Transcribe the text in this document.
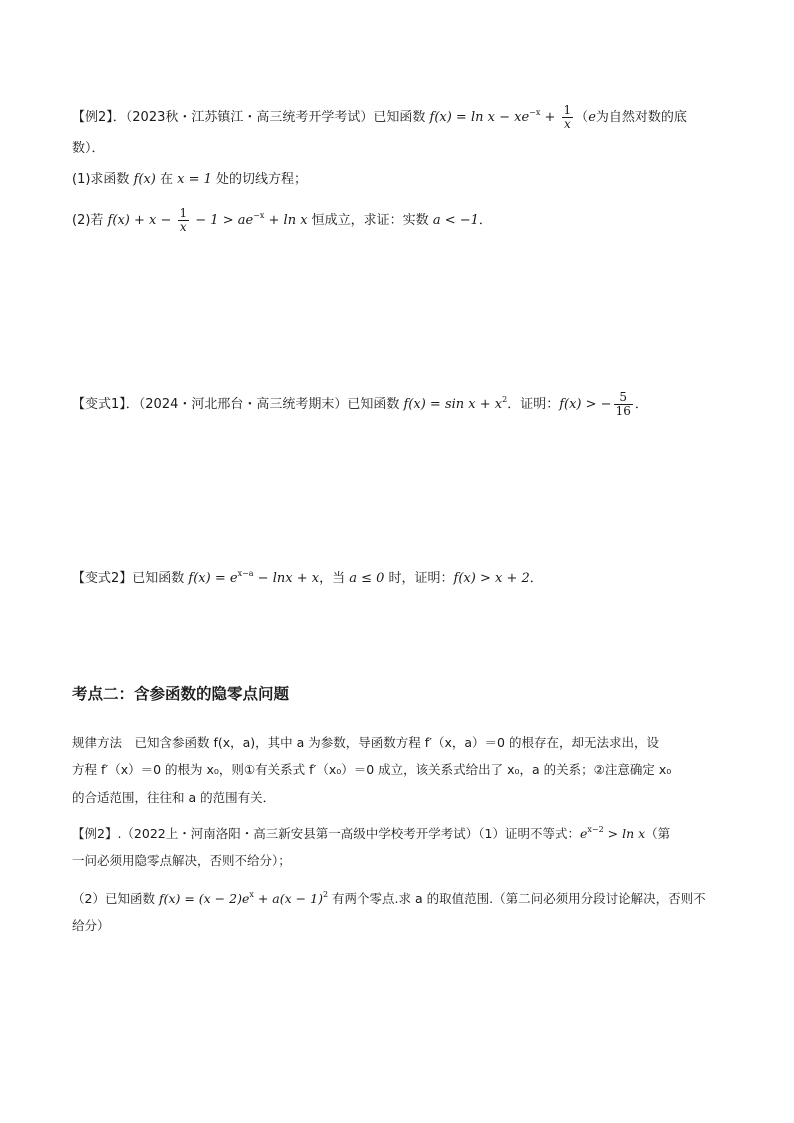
【例2】．（2023秋・江苏镇江・高三统考开学考试）已知函数 $f(x) = \ln x - xe^{-x} + \frac{1}{x} (e$为自然对数的底
数）．
(1)求函数 f(x) 在 x = 1 处的切线方程；
(2)若 $f(x) + x - \frac{1}{x} - 1 > ae^{-x} + \ln x$ 恒成立，求证：实数 a < −1．
【变式1】．（2024・河北邢台・高三统考期末）已知函数 $f(x) = \sin x + x^2$．证明：f(x) > − $\frac{5}{16}$ ．
【变式2】已知函数 $f(x) = e^{x-a} - \ln x + x$，当 a ≤ 0 时，证明：f(x) > x + 2．
考点二：含参函数的隐零点问题
规律方法　已知含参函数 f(x，a)，其中 a 为参数，导函数方程 f′（x，a）＝0 的根存在，却无法求出，设
方程 f′（x）＝0 的根为 x₀，则①有关系式 f′（x₀）＝0 成立，该关系式给出了 x₀，a 的关系；②注意确定 x₀
的合适范围，往往和 a 的范围有关．
【例2】.（2022上・河南洛阳・高三新安县第一高级中学校考开学考试）（1）证明不等式：$e^{x-2} > \ln x$（第
一问必须用隐零点解决，否则不给分）；
（2）已知函数 $f(x) = (x - 2)e^x + a(x - 1)^2$ 有两个零点.求 a 的取值范围.（第二问必须用分段讨论解决，否则不
给分）
